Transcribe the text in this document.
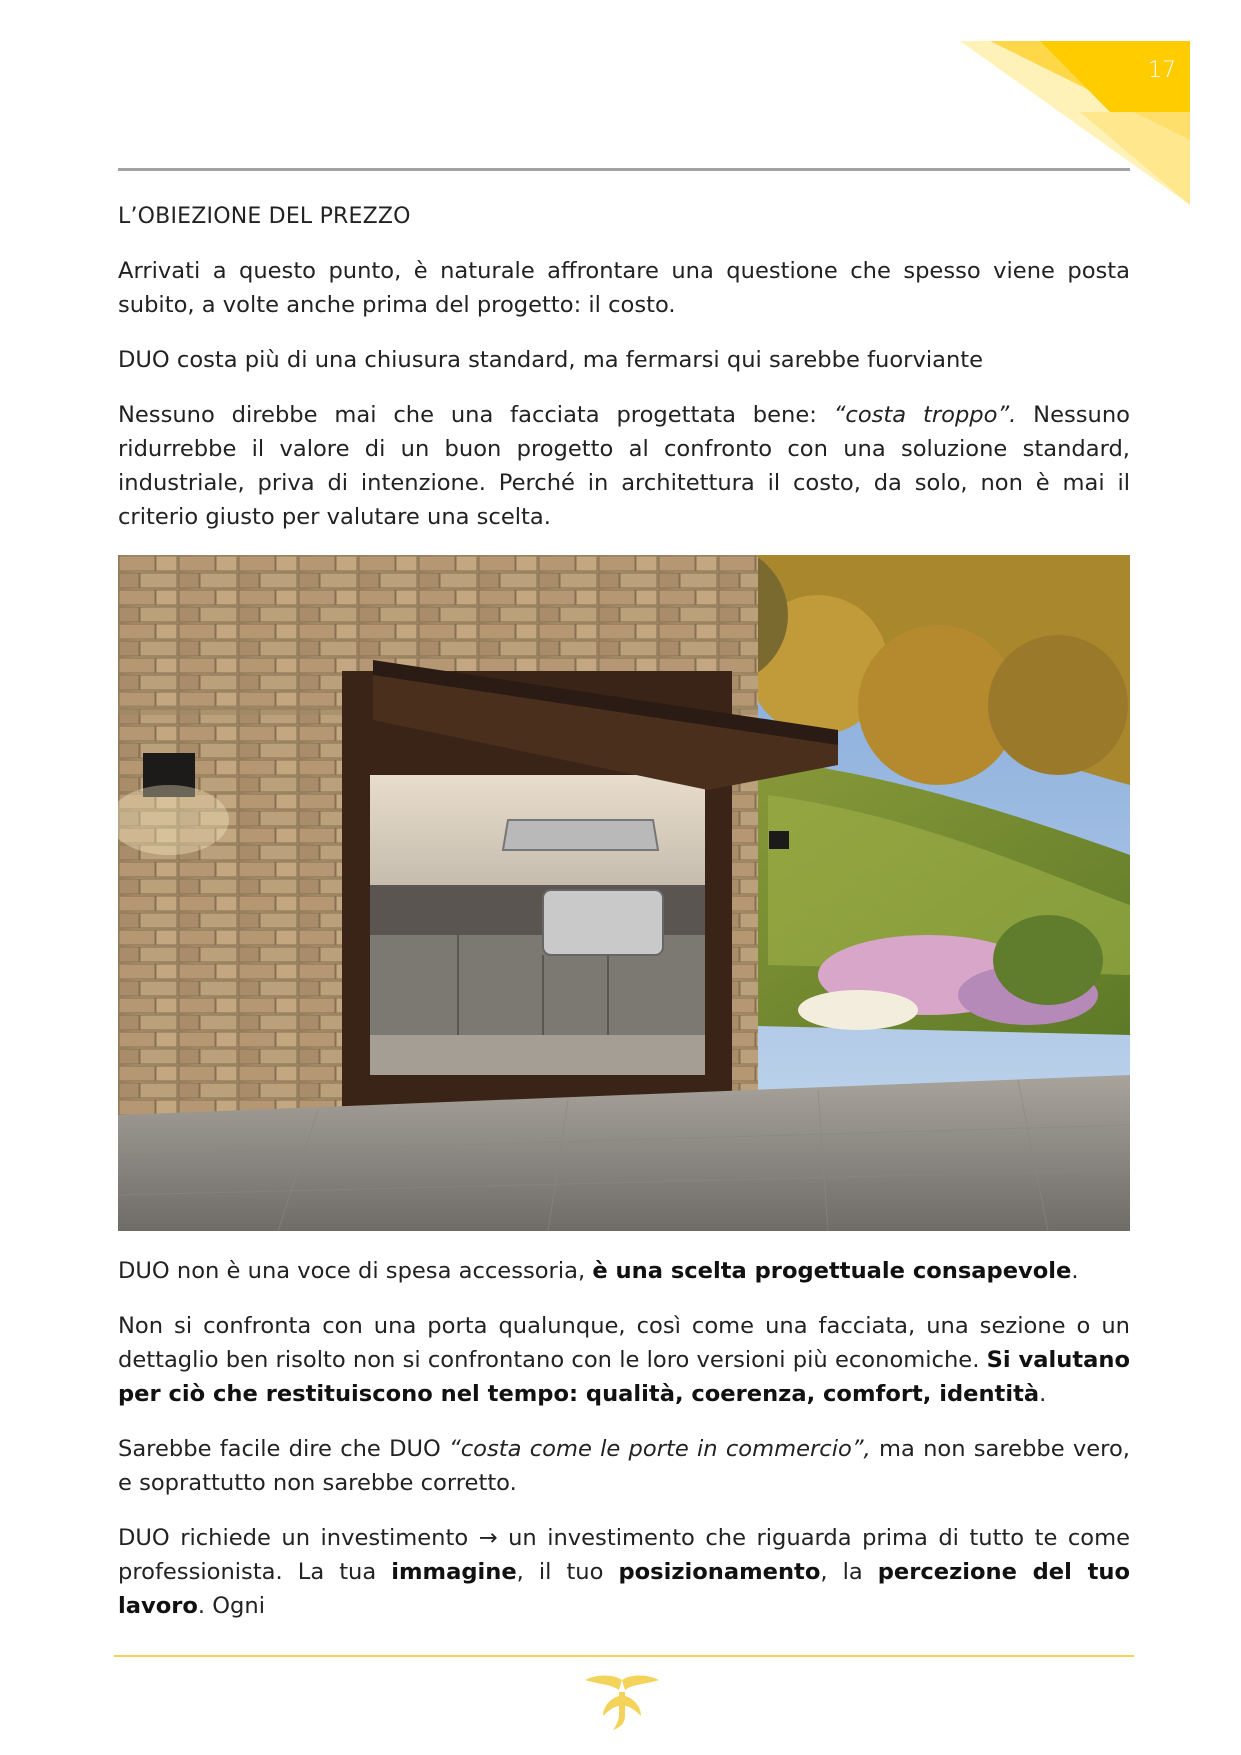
17

L’OBIEZIONE DEL PREZZO

Arrivati a questo punto, è naturale affrontare una questione che spesso viene posta subito, a volte anche prima del progetto: il costo.

DUO costa più di una chiusura standard, ma fermarsi qui sarebbe fuorviante

Nessuno direbbe mai che una facciata progettata bene: “costa troppo”. Nessuno ridurrebbe il valore di un buon progetto al confronto con una soluzione standard, industriale, priva di intenzione. Perché in architettura il costo, da solo, non è mai il criterio giusto per valutare una scelta.

DUO non è una voce di spesa accessoria, è una scelta progettuale consapevole.

Non si confronta con una porta qualunque, così come una facciata, una sezione o un dettaglio ben risolto non si confrontano con le loro versioni più economiche. Si valutano per ciò che restituiscono nel tempo: qualità, coerenza, comfort, identità.

Sarebbe facile dire che DUO “costa come le porte in commercio”, ma non sarebbe vero, e soprattutto non sarebbe corretto.

DUO richiede un investimento → un investimento che riguarda prima di tutto te come professionista. La tua immagine, il tuo posizionamento, la percezione del tuo lavoro. Ogni
